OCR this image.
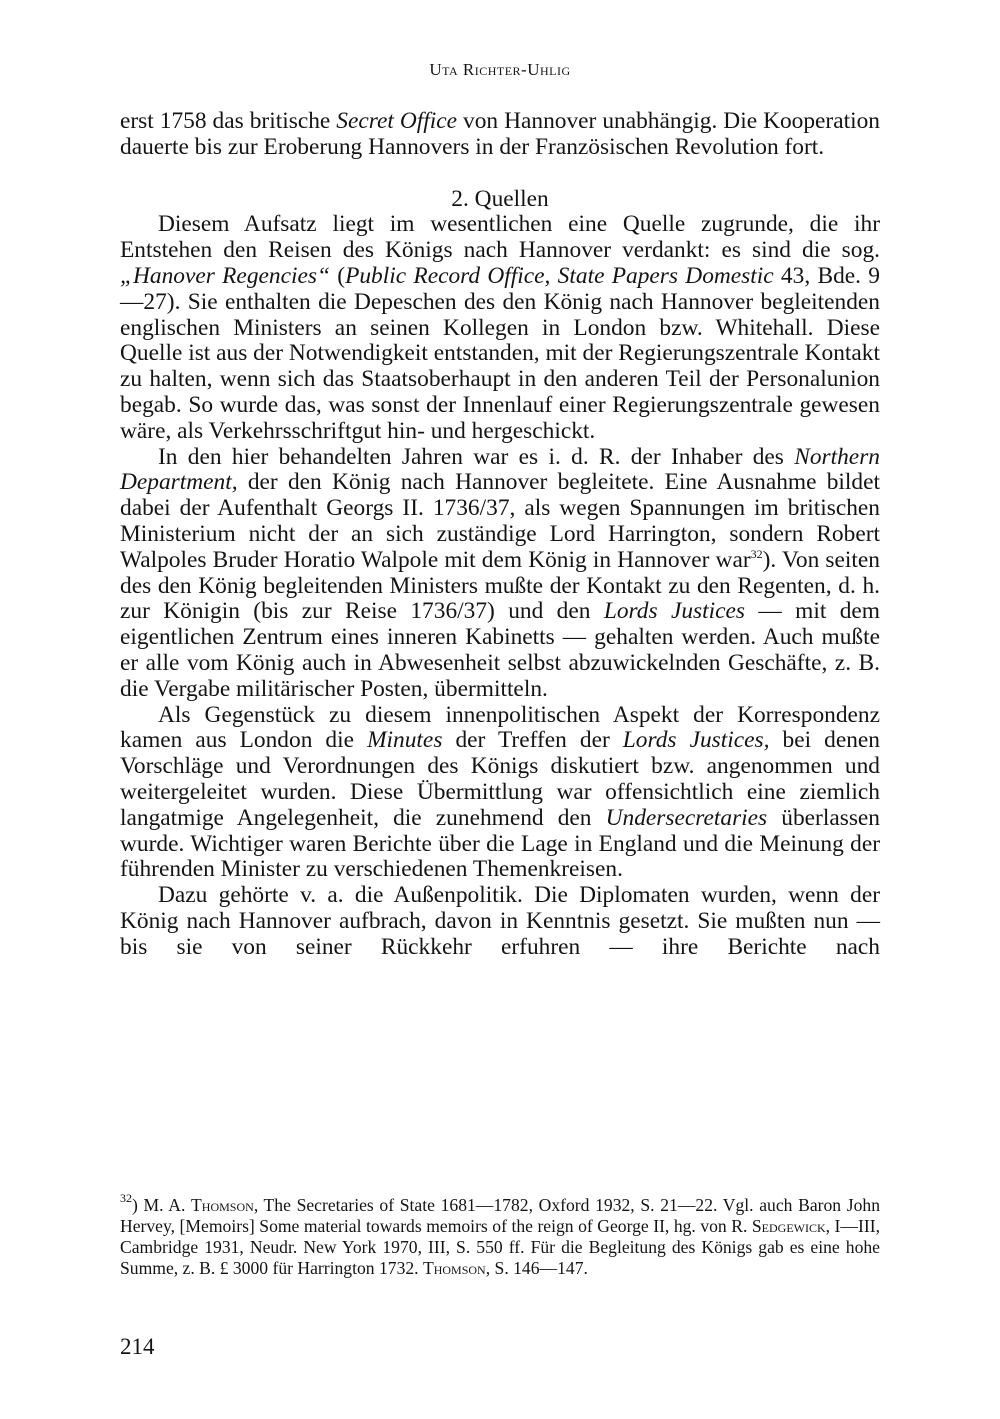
Uta Richter-Uhlig

erst 1758 das britische Secret Office von Hannover unabhängig. Die Kooperation dauerte bis zur Eroberung Hannovers in der Französischen Revolution fort.

2. Quellen

Diesem Aufsatz liegt im wesentlichen eine Quelle zugrunde, die ihr Entstehen den Reisen des Königs nach Hannover verdankt: es sind die sog. „Hanover Regencies“ (Public Record Office, State Papers Domestic 43, Bde. 9—27). Sie enthalten die Depeschen des den König nach Hannover begleitenden englischen Ministers an seinen Kollegen in London bzw. Whitehall. Diese Quelle ist aus der Notwendigkeit entstanden, mit der Regierungszentrale Kontakt zu halten, wenn sich das Staatsoberhaupt in den anderen Teil der Personalunion begab. So wurde das, was sonst der Innenlauf einer Regierungszentrale gewesen wäre, als Verkehrsschriftgut hin- und hergeschickt.

In den hier behandelten Jahren war es i. d. R. der Inhaber des Northern Department, der den König nach Hannover begleitete. Eine Ausnahme bildet dabei der Aufenthalt Georgs II. 1736/37, als wegen Spannungen im britischen Ministerium nicht der an sich zuständige Lord Harrington, sondern Robert Walpoles Bruder Horatio Walpole mit dem König in Hannover war$^{32}$). Von seiten des den König begleitenden Ministers mußte der Kontakt zu den Regenten, d. h. zur Königin (bis zur Reise 1736/37) und den Lords Justices — mit dem eigentlichen Zentrum eines inneren Kabinetts — gehalten werden. Auch mußte er alle vom König auch in Abwesenheit selbst abzuwickelnden Geschäfte, z. B. die Vergabe militärischer Posten, übermitteln.

Als Gegenstück zu diesem innenpolitischen Aspekt der Korrespondenz kamen aus London die Minutes der Treffen der Lords Justices, bei denen Vorschläge und Verordnungen des Königs diskutiert bzw. angenommen und weitergeleitet wurden. Diese Übermittlung war offensichtlich eine ziemlich langatmige Angelegenheit, die zunehmend den Undersecretaries überlassen wurde. Wichtiger waren Berichte über die Lage in England und die Meinung der führenden Minister zu verschiedenen Themenkreisen.

Dazu gehörte v. a. die Außenpolitik. Die Diplomaten wurden, wenn der König nach Hannover aufbrach, davon in Kenntnis gesetzt. Sie mußten nun — bis sie von seiner Rückkehr erfuhren — ihre Berichte nach

$^{32}$) M. A. Thomson, The Secretaries of State 1681—1782, Oxford 1932, S. 21—22. Vgl. auch Baron John Hervey, [Memoirs] Some material towards memoirs of the reign of George II, hg. von R. Sedgewick, I—III, Cambridge 1931, Neudr. New York 1970, III, S. 550 ff. Für die Begleitung des Königs gab es eine hohe Summe, z. B. £ 3000 für Harrington 1732. Thomson, S. 146—147.

214
